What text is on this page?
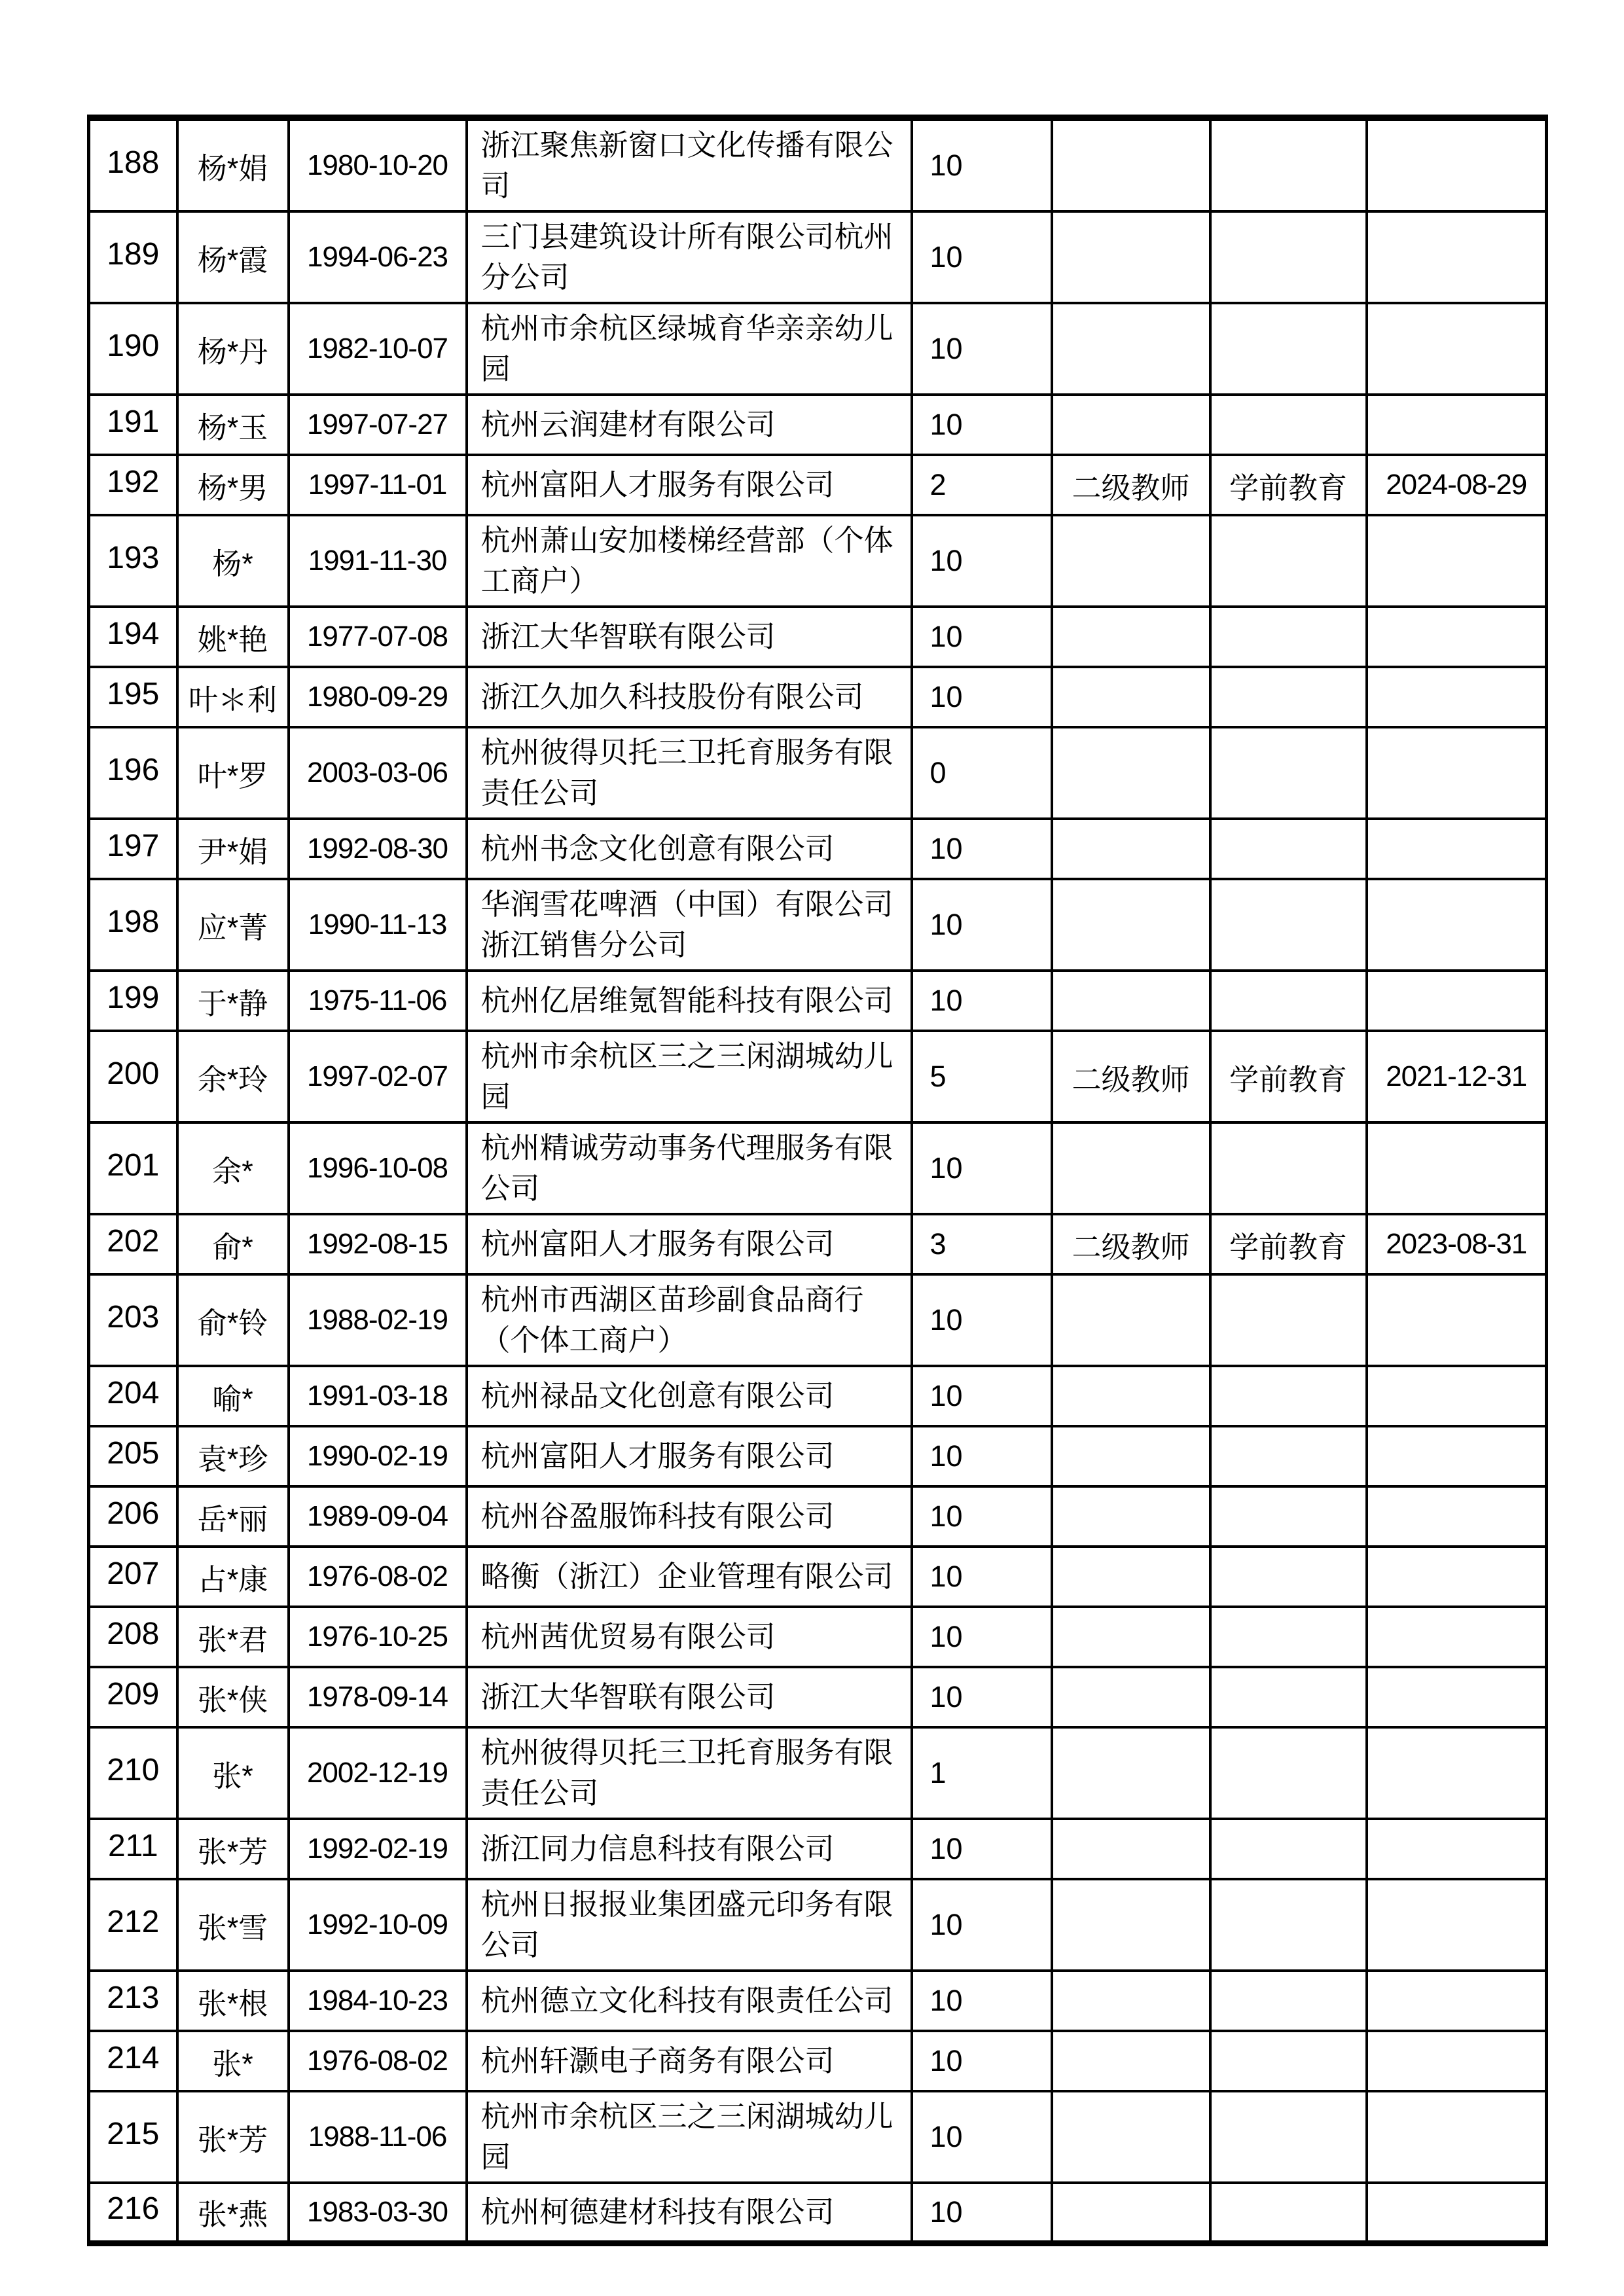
188	杨*娟	1980-10-20	浙江聚焦新窗口文化传播有限公司	10			
189	杨*霞	1994-06-23	三门县建筑设计所有限公司杭州分公司	10			
190	杨*丹	1982-10-07	杭州市余杭区绿城育华亲亲幼儿园	10			
191	杨*玉	1997-07-27	杭州云润建材有限公司	10			
192	杨*男	1997-11-01	杭州富阳人才服务有限公司	2	二级教师	学前教育	2024-08-29
193	杨*	1991-11-30	杭州萧山安加楼梯经营部（个体工商户）	10			
194	姚*艳	1977-07-08	浙江大华智联有限公司	10			
195	叶＊利	1980-09-29	浙江久加久科技股份有限公司	10			
196	叶*罗	2003-03-06	杭州彼得贝托三卫托育服务有限责任公司	0			
197	尹*娟	1992-08-30	杭州书念文化创意有限公司	10			
198	应*菁	1990-11-13	华润雪花啤酒（中国）有限公司浙江销售分公司	10			
199	于*静	1975-11-06	杭州亿居维氪智能科技有限公司	10			
200	余*玲	1997-02-07	杭州市余杭区三之三闲湖城幼儿园	5	二级教师	学前教育	2021-12-31
201	余*	1996-10-08	杭州精诚劳动事务代理服务有限公司	10			
202	俞*	1992-08-15	杭州富阳人才服务有限公司	3	二级教师	学前教育	2023-08-31
203	俞*铃	1988-02-19	杭州市西湖区苗珍副食品商行（个体工商户）	10			
204	喻*	1991-03-18	杭州禄品文化创意有限公司	10			
205	袁*珍	1990-02-19	杭州富阳人才服务有限公司	10			
206	岳*丽	1989-09-04	杭州谷盈服饰科技有限公司	10			
207	占*康	1976-08-02	略衡（浙江）企业管理有限公司	10			
208	张*君	1976-10-25	杭州茜优贸易有限公司	10			
209	张*侠	1978-09-14	浙江大华智联有限公司	10			
210	张*	2002-12-19	杭州彼得贝托三卫托育服务有限责任公司	1			
211	张*芳	1992-02-19	浙江同力信息科技有限公司	10			
212	张*雪	1992-10-09	杭州日报报业集团盛元印务有限公司	10			
213	张*根	1984-10-23	杭州德立文化科技有限责任公司	10			
214	张*	1976-08-02	杭州轩灏电子商务有限公司	10			
215	张*芳	1988-11-06	杭州市余杭区三之三闲湖城幼儿园	10			
216	张*燕	1983-03-30	杭州柯德建材科技有限公司	10			
